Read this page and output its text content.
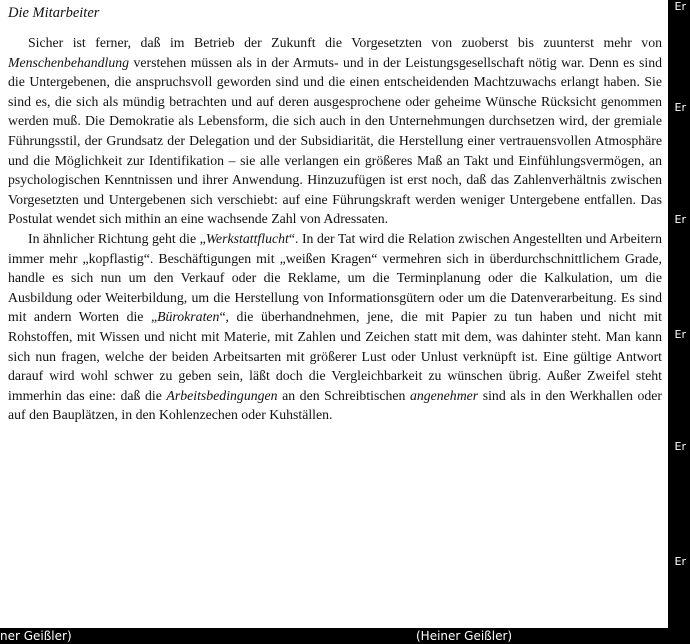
Die Mitarbeiter

Sicher ist ferner, daß im Betrieb der Zukunft die Vorgesetzten von zuoberst bis zuunterst mehr von Menschenbehandlung verstehen müssen als in der Armuts- und in der Leistungsgesellschaft nötig war. Denn es sind die Untergebenen, die anspruchsvoll geworden sind und die einen entscheidenden Machtzuwachs erlangt haben. Sie sind es, die sich als mündig betrachten und auf deren ausgesprochene oder geheime Wünsche Rücksicht genommen werden muß. Die Demokratie als Lebensform, die sich auch in den Unternehmungen durchsetzen wird, der gremiale Führungsstil, der Grundsatz der Delegation und der Subsidiarität, die Herstellung einer vertrauensvollen Atmosphäre und die Möglichkeit zur Identifikation – sie alle verlangen ein größeres Maß an Takt und Einfühlungsvermögen, an psychologischen Kenntnissen und ihrer Anwendung. Hinzuzufügen ist erst noch, daß das Zahlenverhältnis zwischen Vorgesetzten und Untergebenen sich verschiebt: auf eine Führungskraft werden weniger Untergebene entfallen. Das Postulat wendet sich mithin an eine wachsende Zahl von Adressaten.

In ähnlicher Richtung geht die „Werkstattflucht“. In der Tat wird die Relation zwischen Angestellten und Arbeitern immer mehr „kopflastig“. Beschäftigungen mit „weißen Kragen“ vermehren sich in überdurchschnittlichem Grade, handle es sich nun um den Verkauf oder die Reklame, um die Terminplanung oder die Kalkulation, um die Ausbildung oder Weiterbildung, um die Herstellung von Informationsgütern oder um die Datenverarbeitung. Es sind mit andern Worten die „Bürokraten“, die überhandnehmen, jene, die mit Papier zu tun haben und nicht mit Rohstoffen, mit Wissen und nicht mit Materie, mit Zahlen und Zeichen statt mit dem, was dahinter steht. Man kann sich nun fragen, welche der beiden Arbeitsarten mit größerer Lust oder Unlust verknüpft ist. Eine gültige Antwort darauf wird wohl schwer zu geben sein, läßt doch die Vergleichbarkeit zu wünschen übrig. Außer Zweifel steht immerhin das eine: daß die Arbeitsbedingungen an den Schreibtischen angenehmer sind als in den Werkhallen oder auf den Bauplätzen, in den Kohlenzechen oder Kuhställen.

Er
Er
Er
Er
Er
Er
ner Geißler)	(Heiner Geißler)
